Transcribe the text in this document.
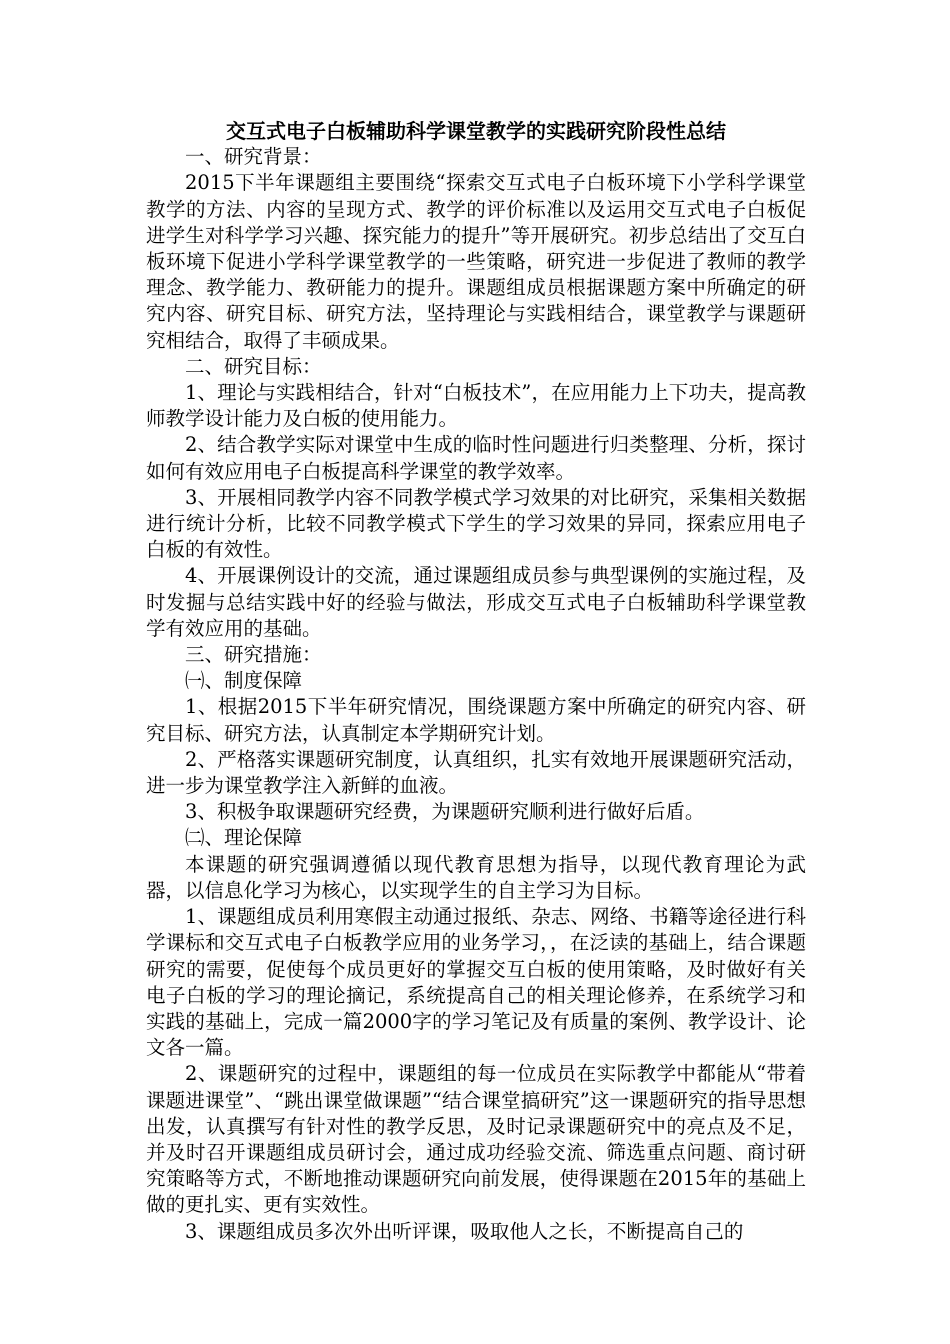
交互式电子白板辅助科学课堂教学的实践研究阶段性总结

一、研究背景：

2015下半年课题组主要围绕“探索交互式电子白板环境下小学科学课堂教学的方法、内容的呈现方式、教学的评价标准以及运用交互式电子白板促进学生对科学学习兴趣、探究能力的提升”等开展研究。初步总结出了交互白板环境下促进小学科学课堂教学的一些策略，研究进一步促进了教师的教学理念、教学能力、教研能力的提升。课题组成员根据课题方案中所确定的研究内容、研究目标、研究方法，坚持理论与实践相结合，课堂教学与课题研究相结合，取得了丰硕成果。

二、研究目标：

1、理论与实践相结合，针对“白板技术”，在应用能力上下功夫，提高教师教学设计能力及白板的使用能力。

2、结合教学实际对课堂中生成的临时性问题进行归类整理、分析，探讨如何有效应用电子白板提高科学课堂的教学效率。

3、开展相同教学内容不同教学模式学习效果的对比研究，采集相关数据进行统计分析，比较不同教学模式下学生的学习效果的异同，探索应用电子白板的有效性。

4、开展课例设计的交流，通过课题组成员参与典型课例的实施过程，及时发掘与总结实践中好的经验与做法，形成交互式电子白板辅助科学课堂教学有效应用的基础。

三、研究措施：

㈠、制度保障

1、根据2015下半年研究情况，围绕课题方案中所确定的研究内容、研究目标、研究方法，认真制定本学期研究计划。

2、严格落实课题研究制度，认真组织，扎实有效地开展课题研究活动，进一步为课堂教学注入新鲜的血液。

3、积极争取课题研究经费，为课题研究顺利进行做好后盾。

㈡、理论保障

本课题的研究强调遵循以现代教育思想为指导，以现代教育理论为武器，以信息化学习为核心，以实现学生的自主学习为目标。

1、课题组成员利用寒假主动通过报纸、杂志、网络、书籍等途径进行科学课标和交互式电子白板教学应用的业务学习，，在泛读的基础上，结合课题研究的需要，促使每个成员更好的掌握交互白板的使用策略，及时做好有关电子白板的学习的理论摘记，系统提高自己的相关理论修养，在系统学习和实践的基础上，完成一篇2000字的学习笔记及有质量的案例、教学设计、论文各一篇。

2、课题研究的过程中，课题组的每一位成员在实际教学中都能从“带着课题进课堂”、“跳出课堂做课题”“结合课堂搞研究”这一课题研究的指导思想出发，认真撰写有针对性的教学反思，及时记录课题研究中的亮点及不足，并及时召开课题组成员研讨会，通过成功经验交流、筛选重点问题、商讨研究策略等方式，不断地推动课题研究向前发展，使得课题在2015年的基础上做的更扎实、更有实效性。

3、课题组成员多次外出听评课，吸取他人之长，不断提高自己的
